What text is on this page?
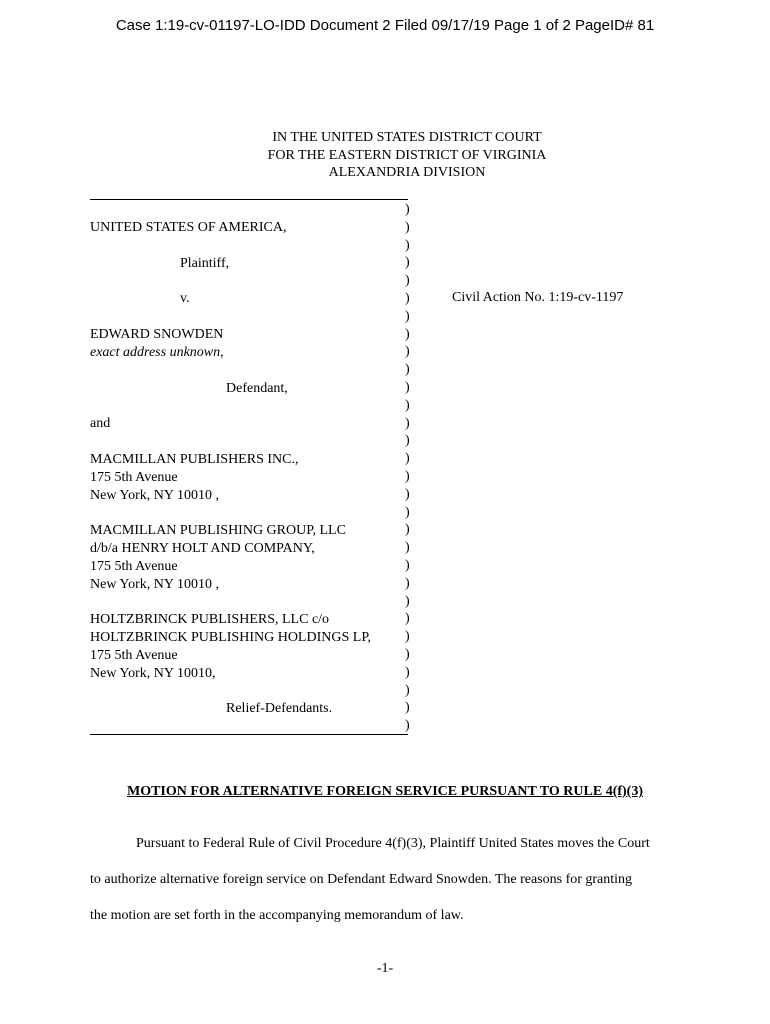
Case 1:19-cv-01197-LO-IDD Document 2 Filed 09/17/19 Page 1 of 2 PageID# 81
IN THE UNITED STATES DISTRICT COURT
FOR THE EASTERN DISTRICT OF VIRGINIA
ALEXANDRIA DIVISION
UNITED STATES OF AMERICA,
Plaintiff,
v.
EDWARD SNOWDEN
exact address unknown,
Defendant,
and
MACMILLAN PUBLISHERS INC.,
175 5th Avenue
New York, NY 10010 ,
MACMILLAN PUBLISHING GROUP, LLC
d/b/a HENRY HOLT AND COMPANY,
175 5th Avenue
New York, NY 10010 ,
HOLTZBRINCK PUBLISHERS, LLC c/o
HOLTZBRINCK PUBLISHING HOLDINGS LP,
175 5th Avenue
New York, NY 10010,
Relief-Defendants.
)
)
)
)
)
)
)
)
)
)
)
)
)
)
)
)
)
)
)
)
)
)
)
)
)
)
)
)
)
)
Civil Action No. 1:19-cv-1197
MOTION FOR ALTERNATIVE FOREIGN SERVICE PURSUANT TO RULE 4(f)(3)
Pursuant to Federal Rule of Civil Procedure 4(f)(3), Plaintiff United States moves the Court
to authorize alternative foreign service on Defendant Edward Snowden. The reasons for granting
the motion are set forth in the accompanying memorandum of law.
-1-
